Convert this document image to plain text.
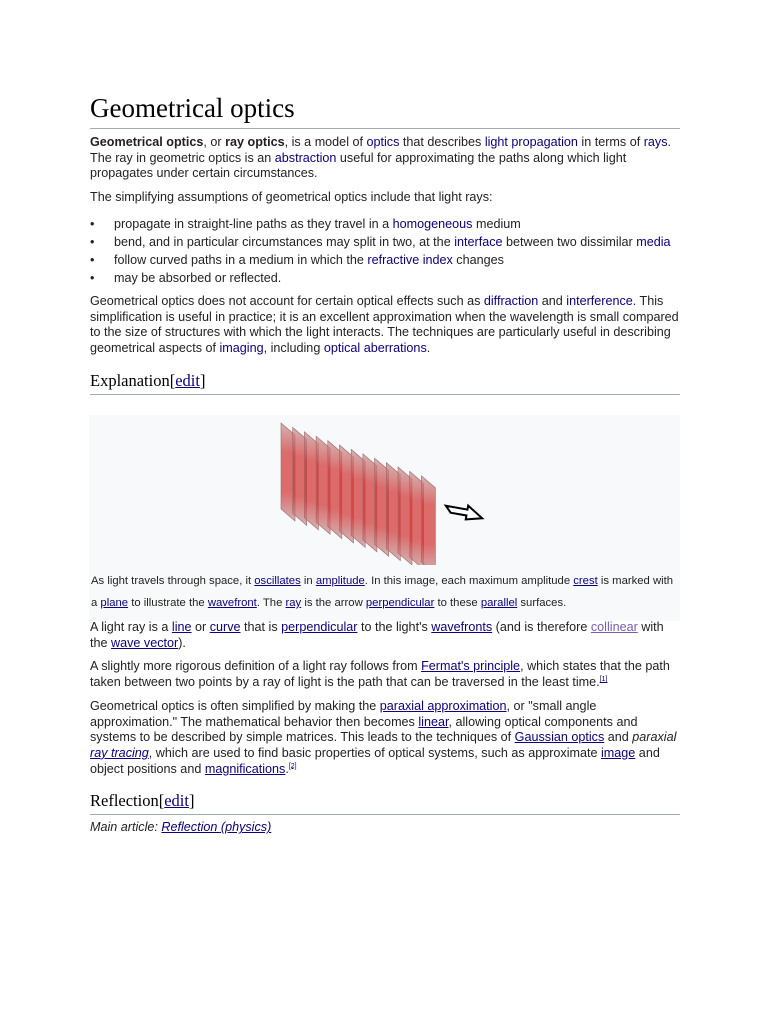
Geometrical optics

Geometrical optics, or ray optics, is a model of optics that describes light propagation in terms of rays. The ray in geometric optics is an abstraction useful for approximating the paths along which light propagates under certain circumstances.

The simplifying assumptions of geometrical optics include that light rays:

• propagate in straight-line paths as they travel in a homogeneous medium
• bend, and in particular circumstances may split in two, at the interface between two dissimilar media
• follow curved paths in a medium in which the refractive index changes
• may be absorbed or reflected.

Geometrical optics does not account for certain optical effects such as diffraction and interference. This simplification is useful in practice; it is an excellent approximation when the wavelength is small compared to the size of structures with which the light interacts. The techniques are particularly useful in describing geometrical aspects of imaging, including optical aberrations.

Explanation[edit]
As light travels through space, it oscillates in amplitude. In this image, each maximum amplitude crest is marked with a plane to illustrate the wavefront. The ray is the arrow perpendicular to these parallel surfaces.

A light ray is a line or curve that is perpendicular to the light's wavefronts (and is therefore collinear with the wave vector).

A slightly more rigorous definition of a light ray follows from Fermat's principle, which states that the path taken between two points by a ray of light is the path that can be traversed in the least time.[1]

Geometrical optics is often simplified by making the paraxial approximation, or "small angle approximation." The mathematical behavior then becomes linear, allowing optical components and systems to be described by simple matrices. This leads to the techniques of Gaussian optics and paraxial ray tracing, which are used to find basic properties of optical systems, such as approximate image and object positions and magnifications.[2]

Reflection[edit]

Main article: Reflection (physics)
